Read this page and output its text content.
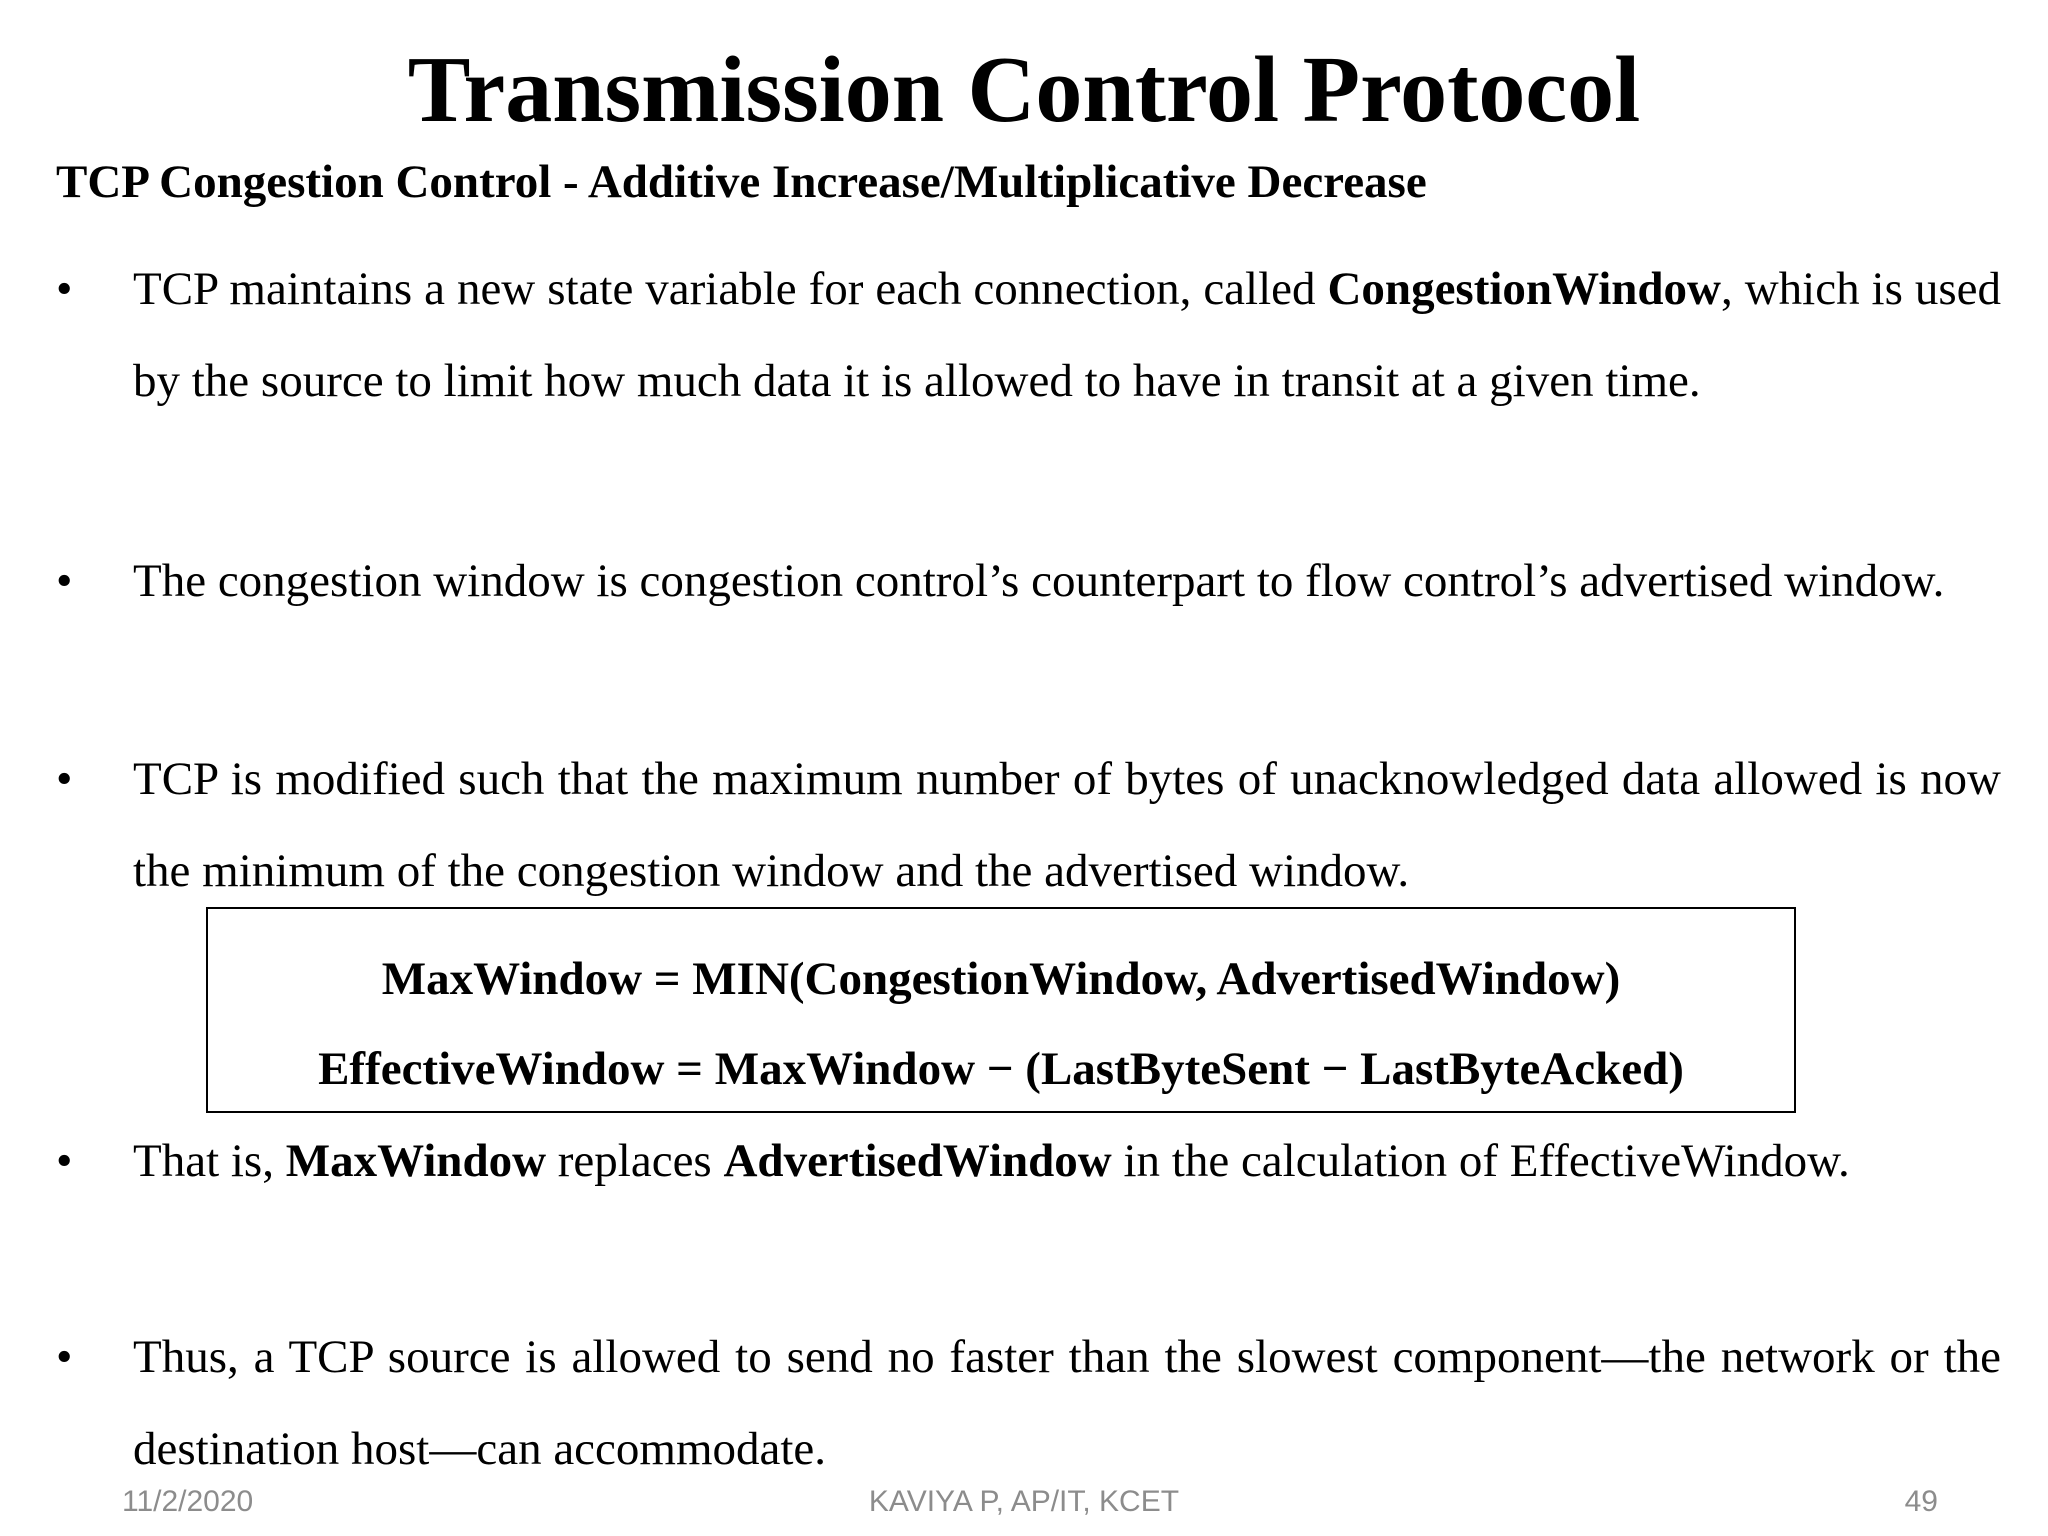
Transmission Control Protocol
TCP Congestion Control - Additive Increase/Multiplicative Decrease
• TCP maintains a new state variable for each connection, called CongestionWindow, which is used by the source to limit how much data it is allowed to have in transit at a given time.
• The congestion window is congestion control’s counterpart to flow control’s advertised window.
• TCP is modified such that the maximum number of bytes of unacknowledged data allowed is now the minimum of the congestion window and the advertised window.
MaxWindow = MIN(CongestionWindow, AdvertisedWindow)
EffectiveWindow = MaxWindow − (LastByteSent − LastByteAcked)
• That is, MaxWindow replaces AdvertisedWindow in the calculation of EffectiveWindow.
• Thus, a TCP source is allowed to send no faster than the slowest component—the network or the destination host—can accommodate.
11/2/2020	KAVIYA P, AP/IT, KCET	49
